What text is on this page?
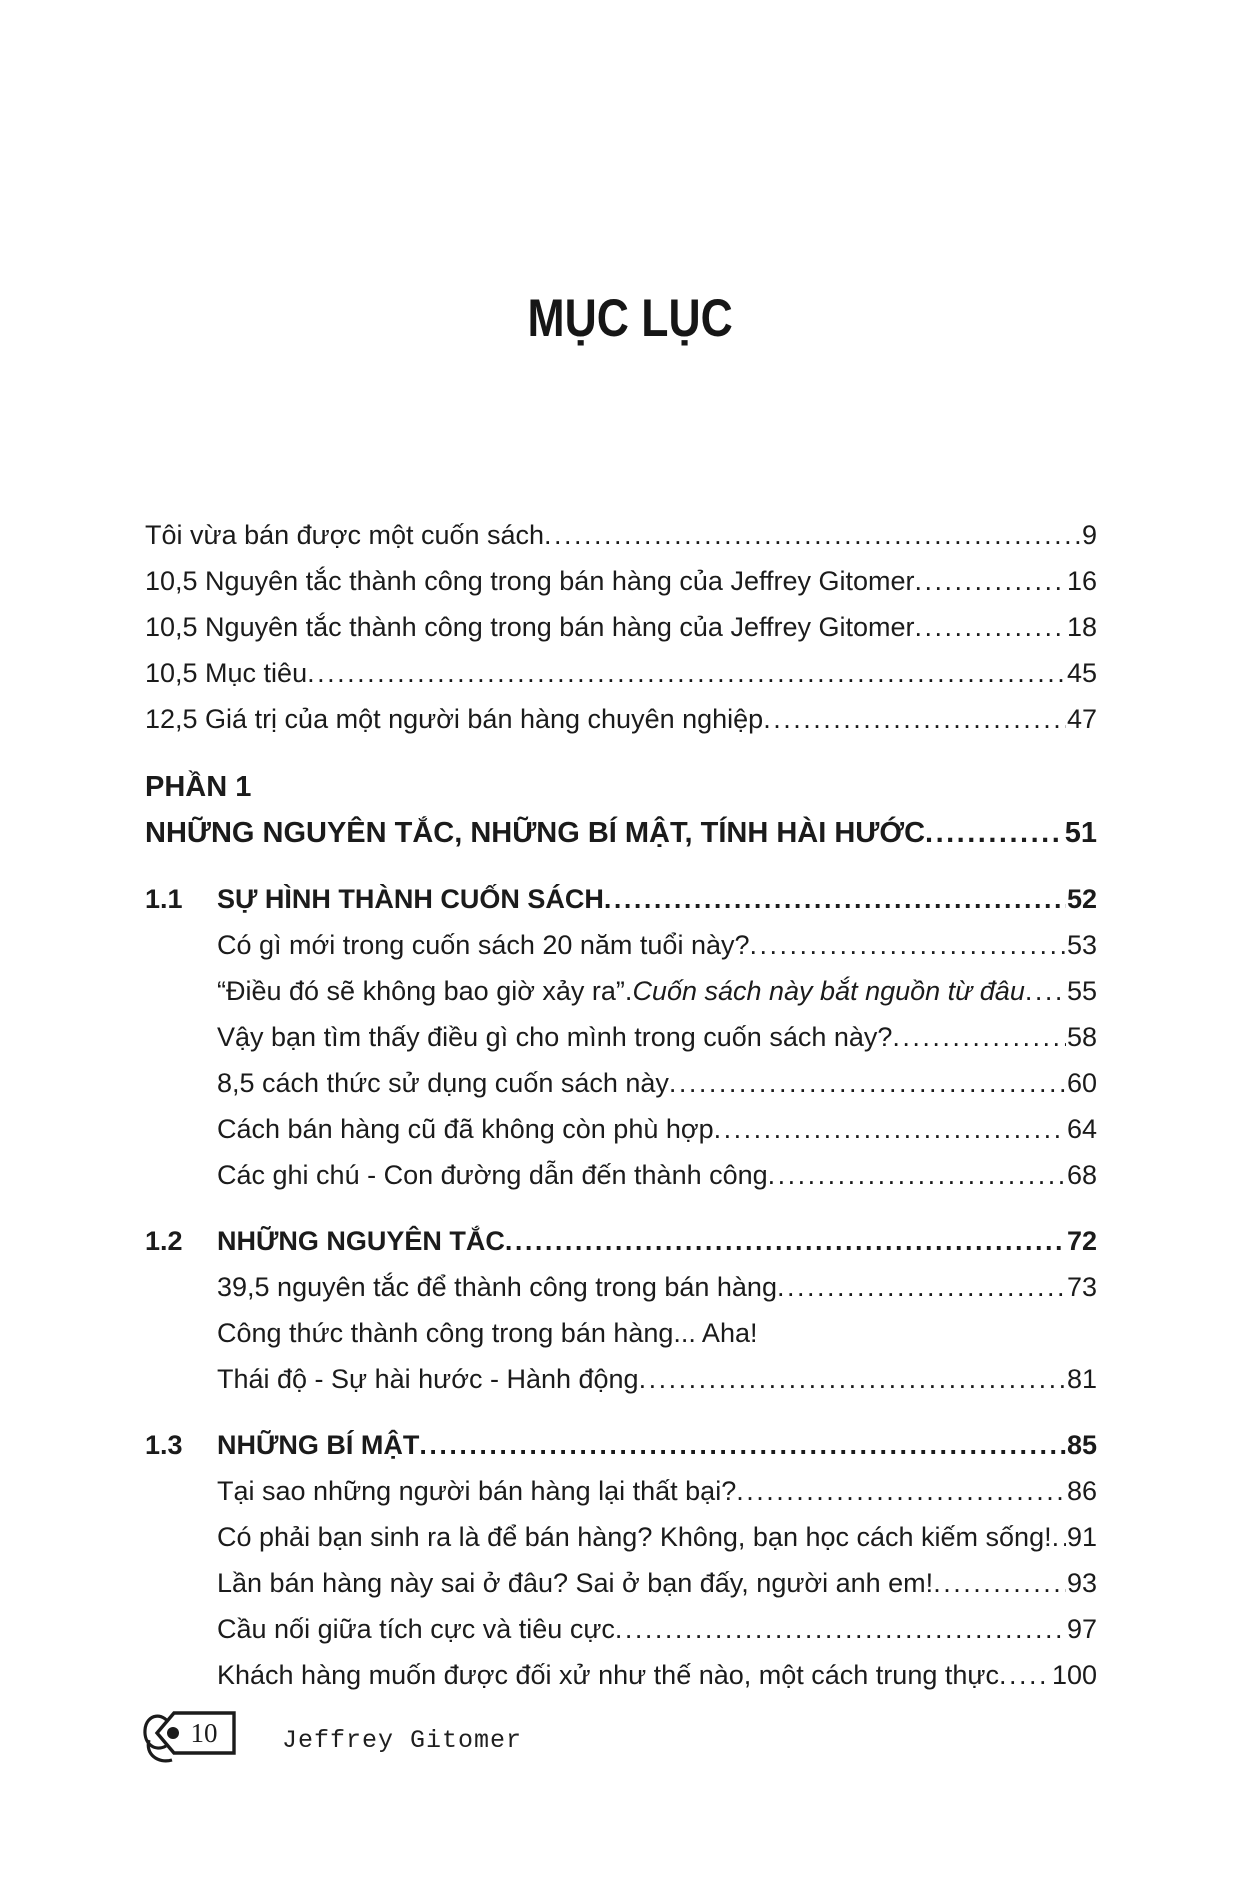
MỤC LỤC
Tôi vừa bán được một cuốn sách .....	9
10,5 Nguyên tắc thành công trong bán hàng của Jeffrey Gitomer .....	16
10,5 Nguyên tắc thành công trong bán hàng của Jeffrey Gitomer .....	18
10,5 Mục tiêu .....	45
12,5 Giá trị của một người bán hàng chuyên nghiệp .....	47
PHẦN 1
NHỮNG NGUYÊN TẮC, NHỮNG BÍ MẬT, TÍNH HÀI HƯỚC .....	51
1.1	SỰ HÌNH THÀNH CUỐN SÁCH .....	52
Có gì mới trong cuốn sách 20 năm tuổi này? .....	53
“Điều đó sẽ không bao giờ xảy ra”. Cuốn sách này bắt nguồn từ đâu ..... 55
Vậy bạn tìm thấy điều gì cho mình trong cuốn sách này? .....	58
8,5 cách thức sử dụng cuốn sách này .....	60
Cách bán hàng cũ đã không còn phù hợp .....	64
Các ghi chú - Con đường dẫn đến thành công .....	68
1.2	NHỮNG NGUYÊN TẮC .....	72
39,5 nguyên tắc để thành công trong bán hàng .....	73
Công thức thành công trong bán hàng... Aha!
Thái độ - Sự hài hước - Hành động .....	81
1.3	NHỮNG BÍ MẬT .....	85
Tại sao những người bán hàng lại thất bại? .....	86
Có phải bạn sinh ra là để bán hàng? Không, bạn học cách kiếm sống! ..... 91
Lần bán hàng này sai ở đâu? Sai ở bạn đấy, người anh em! .....	93
Cầu nối giữa tích cực và tiêu cực .....	97
Khách hàng muốn được đối xử như thế nào, một cách trung thực ..... 100
10	Jeffrey Gitomer
